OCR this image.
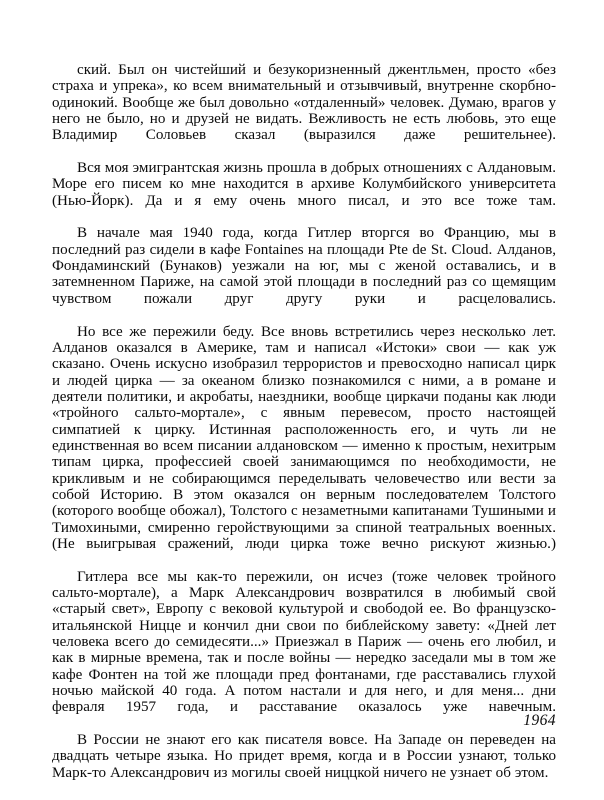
ский. Был он чистейший и безукоризненный джентльмен, просто «без страха и упрека», ко всем внимательный и отзывчивый, внутренне скорбно-одинокий. Вообще же был довольно «отдаленный» человек. Думаю, врагов у него не было, но и друзей не видать. Вежливость не есть любовь, это еще Владимир Соловьев сказал (выразился даже решительнее).

Вся моя эмигрантская жизнь прошла в добрых отношениях с Алдановым. Море его писем ко мне находится в архиве Колумбийского университета (Нью-Йорк). Да и я ему очень много писал, и это все тоже там.

В начале мая 1940 года, когда Гитлер вторгся во Францию, мы в последний раз сидели в кафе Fontaines на площади Pte de St. Cloud. Алданов, Фондаминский (Бунаков) уезжали на юг, мы с женой оставались, и в затемненном Париже, на самой этой площади в последний раз со щемящим чувством пожали друг другу руки и расцеловались.

Но все же пережили беду. Все вновь встретились через несколько лет. Алданов оказался в Америке, там и написал «Истоки» свои — как уж сказано. Очень искусно изобразил террористов и превосходно написал цирк и людей цирка — за океаном близко познакомился с ними, а в романе и деятели политики, и акробаты, наездники, вообще циркачи поданы как люди «тройного сальто-мортале», с явным перевесом, просто настоящей симпатией к цирку. Истинная расположенность его, и чуть ли не единственная во всем писании алдановском — именно к простым, нехитрым типам цирка, профессией своей занимающимся по необходимости, не крикливым и не собирающимся переделывать человечество или вести за собой Историю. В этом оказался он верным последователем Толстого (которого вообще обожал), Толстого с незаметными капитанами Тушиными и Тимохиными, смиренно геройствующими за спиной театральных военных. (Не выигрывая сражений, люди цирка тоже вечно рискуют жизнью.)

Гитлера все мы как-то пережили, он исчез (тоже человек тройного сальто-мортале), а Марк Александрович возвратился в любимый свой «старый свет», Европу с вековой культурой и свободой ее. Во французско-итальянской Ницце и кончил дни свои по библейскому завету: «Дней лет человека всего до семидесяти...» Приезжал в Париж — очень его любил, и как в мирные времена, так и после войны — нередко заседали мы в том же кафе Фонтен на той же площади пред фонтанами, где расставались глухой ночью майской 40 года. А потом настали и для него, и для меня... дни февраля 1957 года, и расставание оказалось уже навечным.

В России не знают его как писателя вовсе. На Западе он переведен на двадцать четыре языка. Но придет время, когда и в России узнают, только Марк-то Александрович из могилы своей ниццкой ничего не узнает об этом.

1964
